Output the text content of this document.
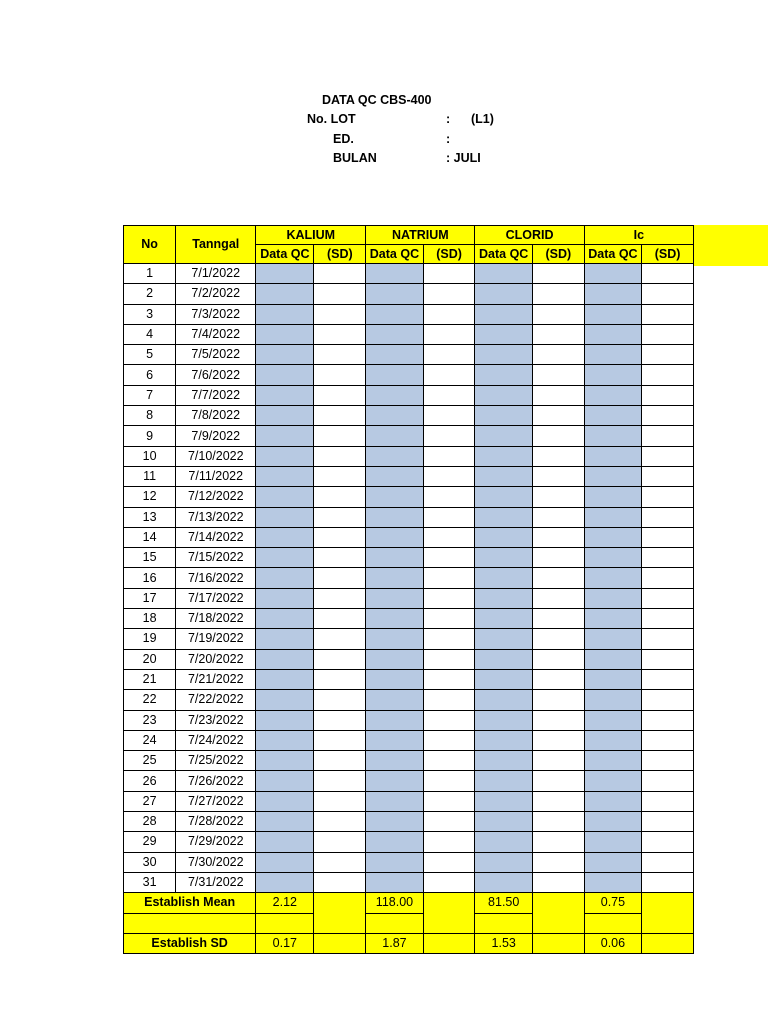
DATA QC CBS-400
No. LOT	: (L1)
ED.	:
BULAN	: JULI
No	Tanngal	KALIUM		NATRIUM		CLORID		Ic	
		Data QC	(SD)	Data QC	(SD)	Data QC	(SD)	Data QC	(SD)
1	7/1/2022								
2	7/2/2022								
3	7/3/2022								
4	7/4/2022								
5	7/5/2022								
6	7/6/2022								
7	7/7/2022								
8	7/8/2022								
9	7/9/2022								
10	7/10/2022								
11	7/11/2022								
12	7/12/2022								
13	7/13/2022								
14	7/14/2022								
15	7/15/2022								
16	7/16/2022								
17	7/17/2022								
18	7/18/2022								
19	7/19/2022								
20	7/20/2022								
21	7/21/2022								
22	7/22/2022								
23	7/23/2022								
24	7/24/2022								
25	7/25/2022								
26	7/26/2022								
27	7/27/2022								
28	7/28/2022								
29	7/29/2022								
30	7/30/2022								
31	7/31/2022								
Establish Mean		2.12		118.00		81.50		0.75	

Establish SD		0.17		1.87		1.53		0.06	
